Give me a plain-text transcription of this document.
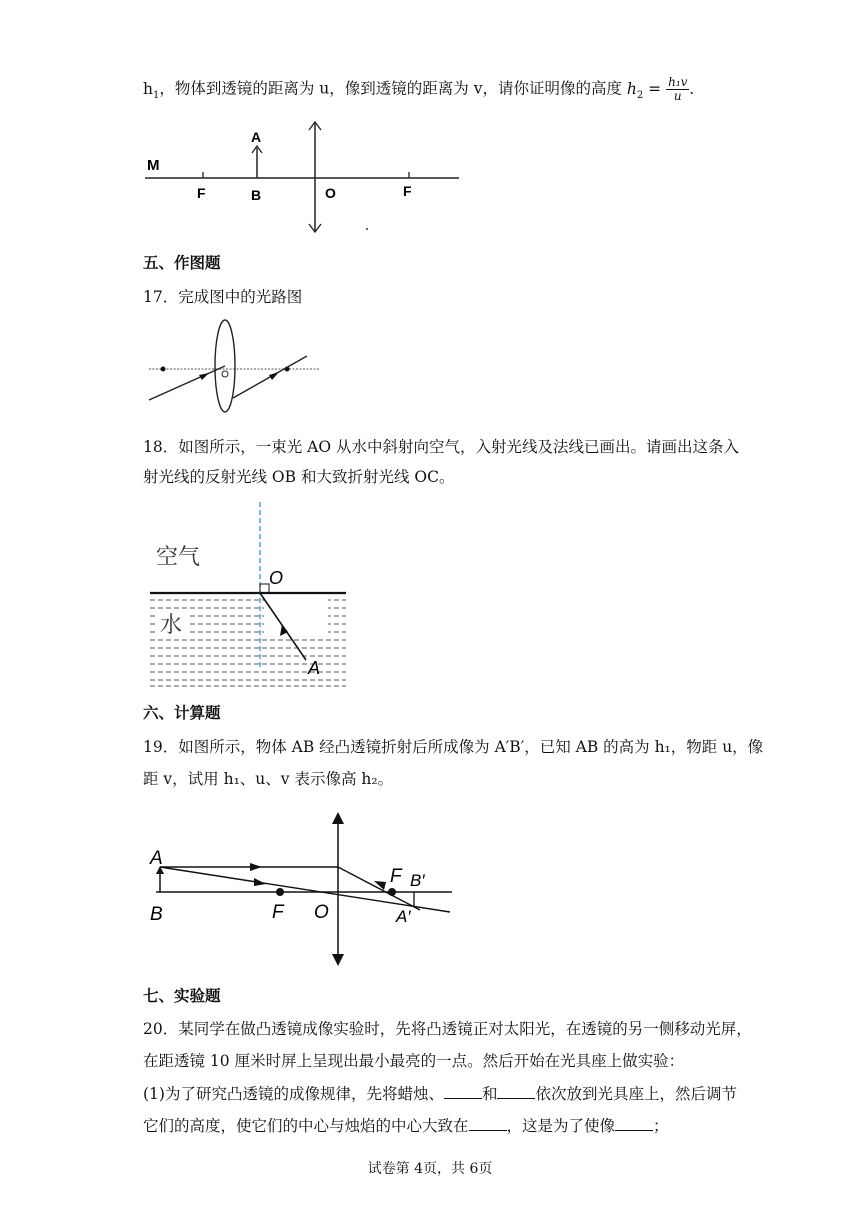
$h_1$，物体到透镜的距离为 u，像到透镜的距离为 v，请你证明像的高度 $h_2 = \frac{\text{h₁v}}{u}$ ．
M
A
F	B	O	F
五、作图题
17．完成图中的光路图
18．如图所示，一束光 AO 从水中斜射向空气，入射光线及法线已画出。请画出这条入
射光线的反射光线 OB 和大致折射光线 OC。
空气
水
O
A
六、计算题
19．如图所示，物体 AB 经凸透镜折射后所成像为 A′B′，已知 AB 的高为 h₁，物距 u，像
距 v，试用 h₁、u、v 表示像高 h₂。
A
B	F O
F B′
A′
七、实验题
20．某同学在做凸透镜成像实验时，先将凸透镜正对太阳光，在透镜的另一侧移动光屏，
在距透镜 10 厘米时屏上呈现出最小最亮的一点。然后开始在光具座上做实验：
(1)为了研究凸透镜的成像规律，先将蜡烛、 和 依次放到光具座上，然后调节
它们的高度，使它们的中心与烛焰的中心大致在 ，这是为了使像 ；
试卷第 4页，共 6页
